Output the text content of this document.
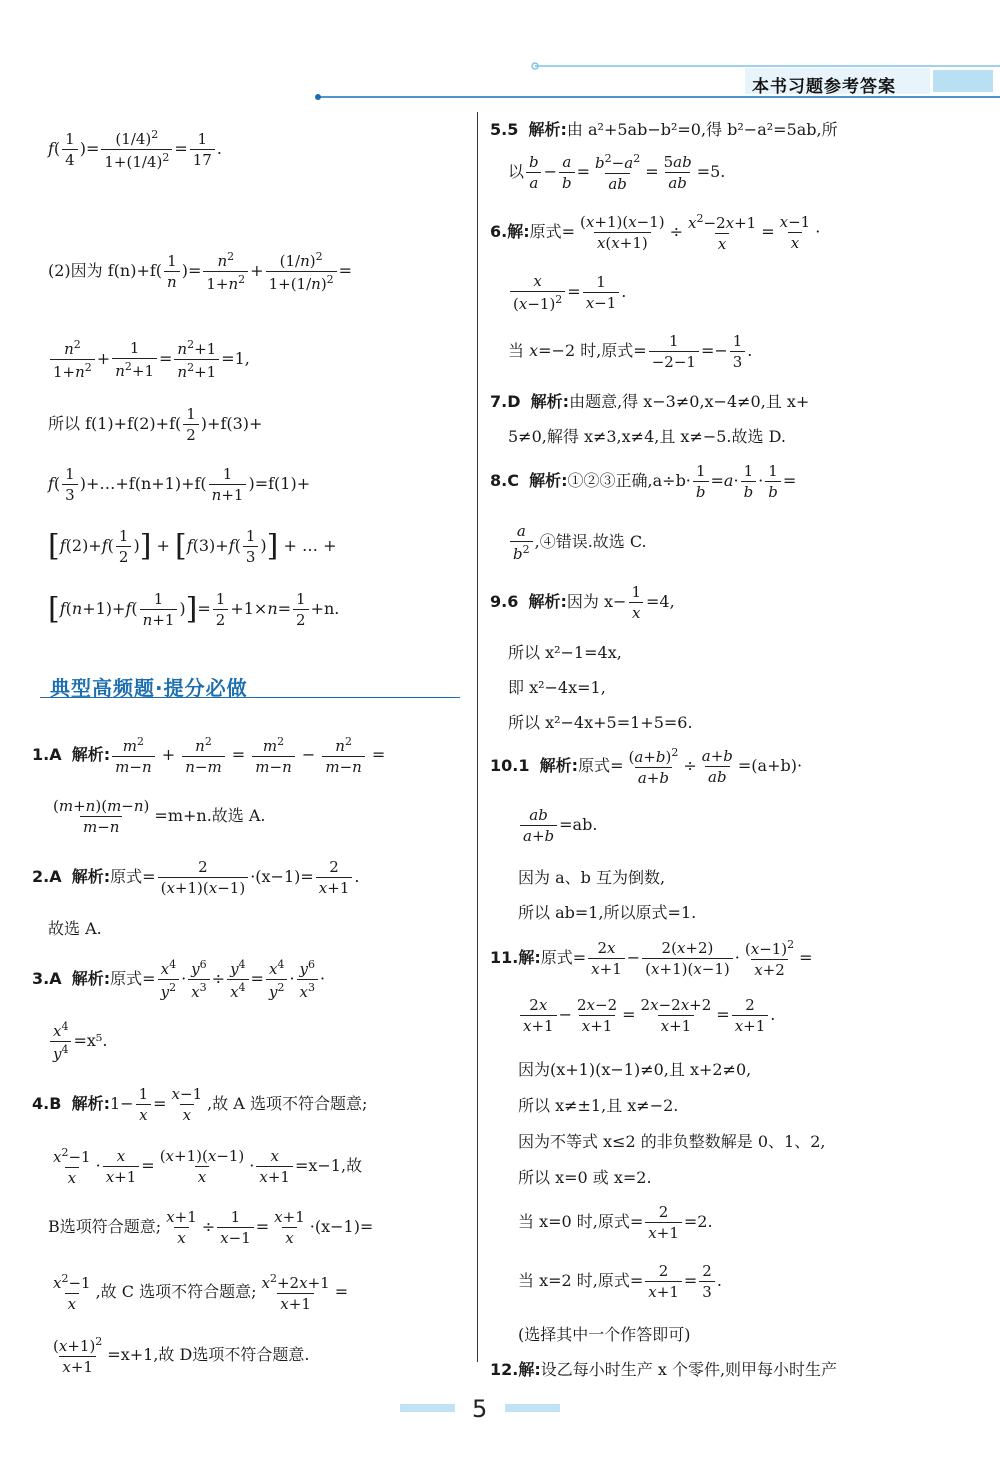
本书习题参考答案
$f( \frac{1}{4}$ )= $\frac{(1/4)^2}{1+(1/4)^2} = \frac{1}{17}$ .
(2)因为 $f(n)+f( \frac{1}{n}$ )= $\frac{n^2}{1+n^2} + \frac{(1/n)^2}{1+(1/n)^2}$ =
$\frac{n^2}{1+n^2} + \frac{1}{n^2+1} = \frac{n^2+1}{n^2+1} =1$,
所以 $f(1)+f(2)+f( \frac{1}{2} )+f(3)+$
$f( \frac{1}{3}$ )+…+f(n+1)+f( $\frac{1}{n+1} )=f(1)+$
[$f(2)+f( \frac{1}{2}$ )] + [$f(3)+f( \frac{1}{3}$ )] + … +
[$f(n+1)+f( \frac{1}{n+1}$ )]= $\frac{1}{2} +1\times n= \frac{1}{2} +n$.
典型高频题·提分必做
1.A 解析: $\frac{m^2}{m-n} + \frac{n^2}{n-m} = \frac{m^2}{m-n} - \frac{n^2}{m-n}$ =
$\frac{(m+n)(m-n)}{m-n} =m+n$.故选 A.
2.A 解析:原式= $\frac{2}{(x+1)(x-1)} \cdot(x-1)= \frac{2}{x+1}$ .
故选 A.
3.A 解析:原式= $\frac{x^4}{y^2} \cdot \frac{y^6}{x^3} \div \frac{y^4}{x^4} = \frac{x^4}{y^2} \cdot \frac{y^6}{x^3}$ ·
$\frac{x^4}{y^4} =x^5$.
4.B 解析:1− $\frac{1}{x} = \frac{x-1}{x}$ ,故 A 选项不符合题意;
$\frac{x^2-1}{x} \cdot \frac{x}{x+1} = \frac{(x+1)(x-1)}{x} \cdot \frac{x}{x+1} =x-1$,故
B选项符合题意; $\frac{x+1}{x} \div \frac{1}{x-1} = \frac{x+1}{x} \cdot(x-1)=$
$\frac{x^2-1}{x}$ ,故 C 选项不符合题意; $\frac{x^2+2x+1}{x+1}$ =
$\frac{(x+1)^2}{x+1} =x+1$,故 D选项不符合题意.
5.5 解析:由 a²+5ab−b²=0,得 b²−a²=5ab,所
以 $\frac{b}{a} - \frac{a}{b} = \frac{b^2-a^2}{ab} = \frac{5ab}{ab} =5$.
6.解:原式= $\frac{(x+1)(x-1)}{x(x+1)} \div \frac{x^2-2x+1}{x} = \frac{x-1}{x}$ ·
$\frac{x}{(x-1)^2} = \frac{1}{x-1}$ .
当 x=−2 时,原式= $\frac{1}{-2-1} =- \frac{1}{3}$ .
7.D 解析:由题意,得 x−3≠0,x−4≠0,且 x+
5≠0,解得 x≠3,x≠4,且 x≠−5.故选 D.
8.C 解析:①②③正确$,a\div b\cdot \frac{1}{b} =a\cdot \frac{1}{b} \cdot \frac{1}{b}$ =
$\frac{a}{b^2}$ ,④错误.故选 C.
9.6 解析:因为 $x- \frac{1}{x} =4$,
所以 x²−1=4x,
即 x²−4x=1,
所以 x²−4x+5=1+5=6.
10.1 解析:原式= $\frac{(a+b)^2}{a+b} \div \frac{a+b}{ab} =(a+b)\cdot$
$\frac{ab}{a+b} =ab$.
因为 a、b 互为倒数,
所以 ab=1,所以原式=1.
11.解:原式= $\frac{2x}{x+1} - \frac{2(x+2)}{(x+1)(x-1)} \cdot \frac{(x-1)^2}{x+2}$ =
$\frac{2x}{x+1} - \frac{2x-2}{x+1} = \frac{2x-2x+2}{x+1} = \frac{2}{x+1}$ .
因为(x+1)(x−1)≠0,且 x+2≠0,
所以 x≠±1,且 x≠−2.
因为不等式 x≤2 的非负整数解是 0、1、2,
所以 x=0 或 x=2.
当 x=0 时,原式= $\frac{2}{x+1} =2$.
当 x=2 时,原式= $\frac{2}{x+1} = \frac{2}{3}$ .
(选择其中一个作答即可)
12.解:设乙每小时生产 x 个零件,则甲每小时生产
5
